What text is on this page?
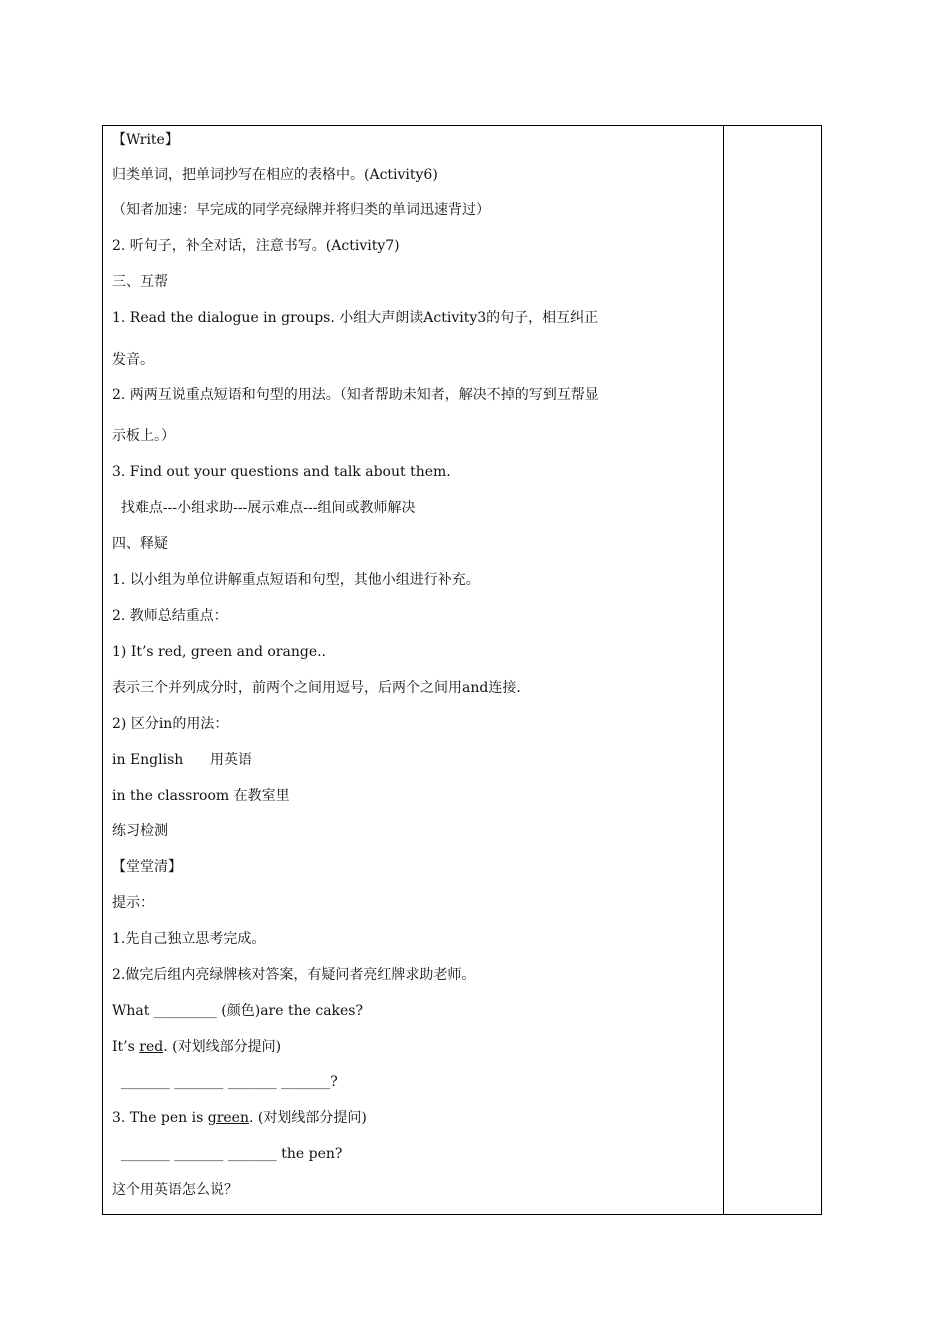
【Write】
归类单词，把单词抄写在相应的表格中。(Activity6)
（知者加速：早完成的同学亮绿牌并将归类的单词迅速背过）
2. 听句子，补全对话，注意书写。(Activity7)
三、互帮
1. Read the dialogue in groups. 小组大声朗读Activity3的句子，相互纠正
发音。
2. 两两互说重点短语和句型的用法。（知者帮助未知者，解决不掉的写到互帮显
示板上。）
3. Find out your questions and talk about them.
找难点---小组求助---展示难点---组间或教师解决
四、释疑
1. 以小组为单位讲解重点短语和句型，其他小组进行补充。
2. 教师总结重点：
1) It’s red, green and orange..
表示三个并列成分时，前两个之间用逗号，后两个之间用and连接.
2) 区分in的用法：
in English      用英语
in the classroom 在教室里
练习检测
【堂堂清】
提示：
1.先自己独立思考完成。
2.做完后组内亮绿牌核对答案，有疑问者亮红牌求助老师。
What _________ (颜色)are the cakes?
It’s red. (对划线部分提问)
_______ _______ _______ _______?
3. The pen is green. (对划线部分提问)
_______ _______ _______ the pen?
这个用英语怎么说？
